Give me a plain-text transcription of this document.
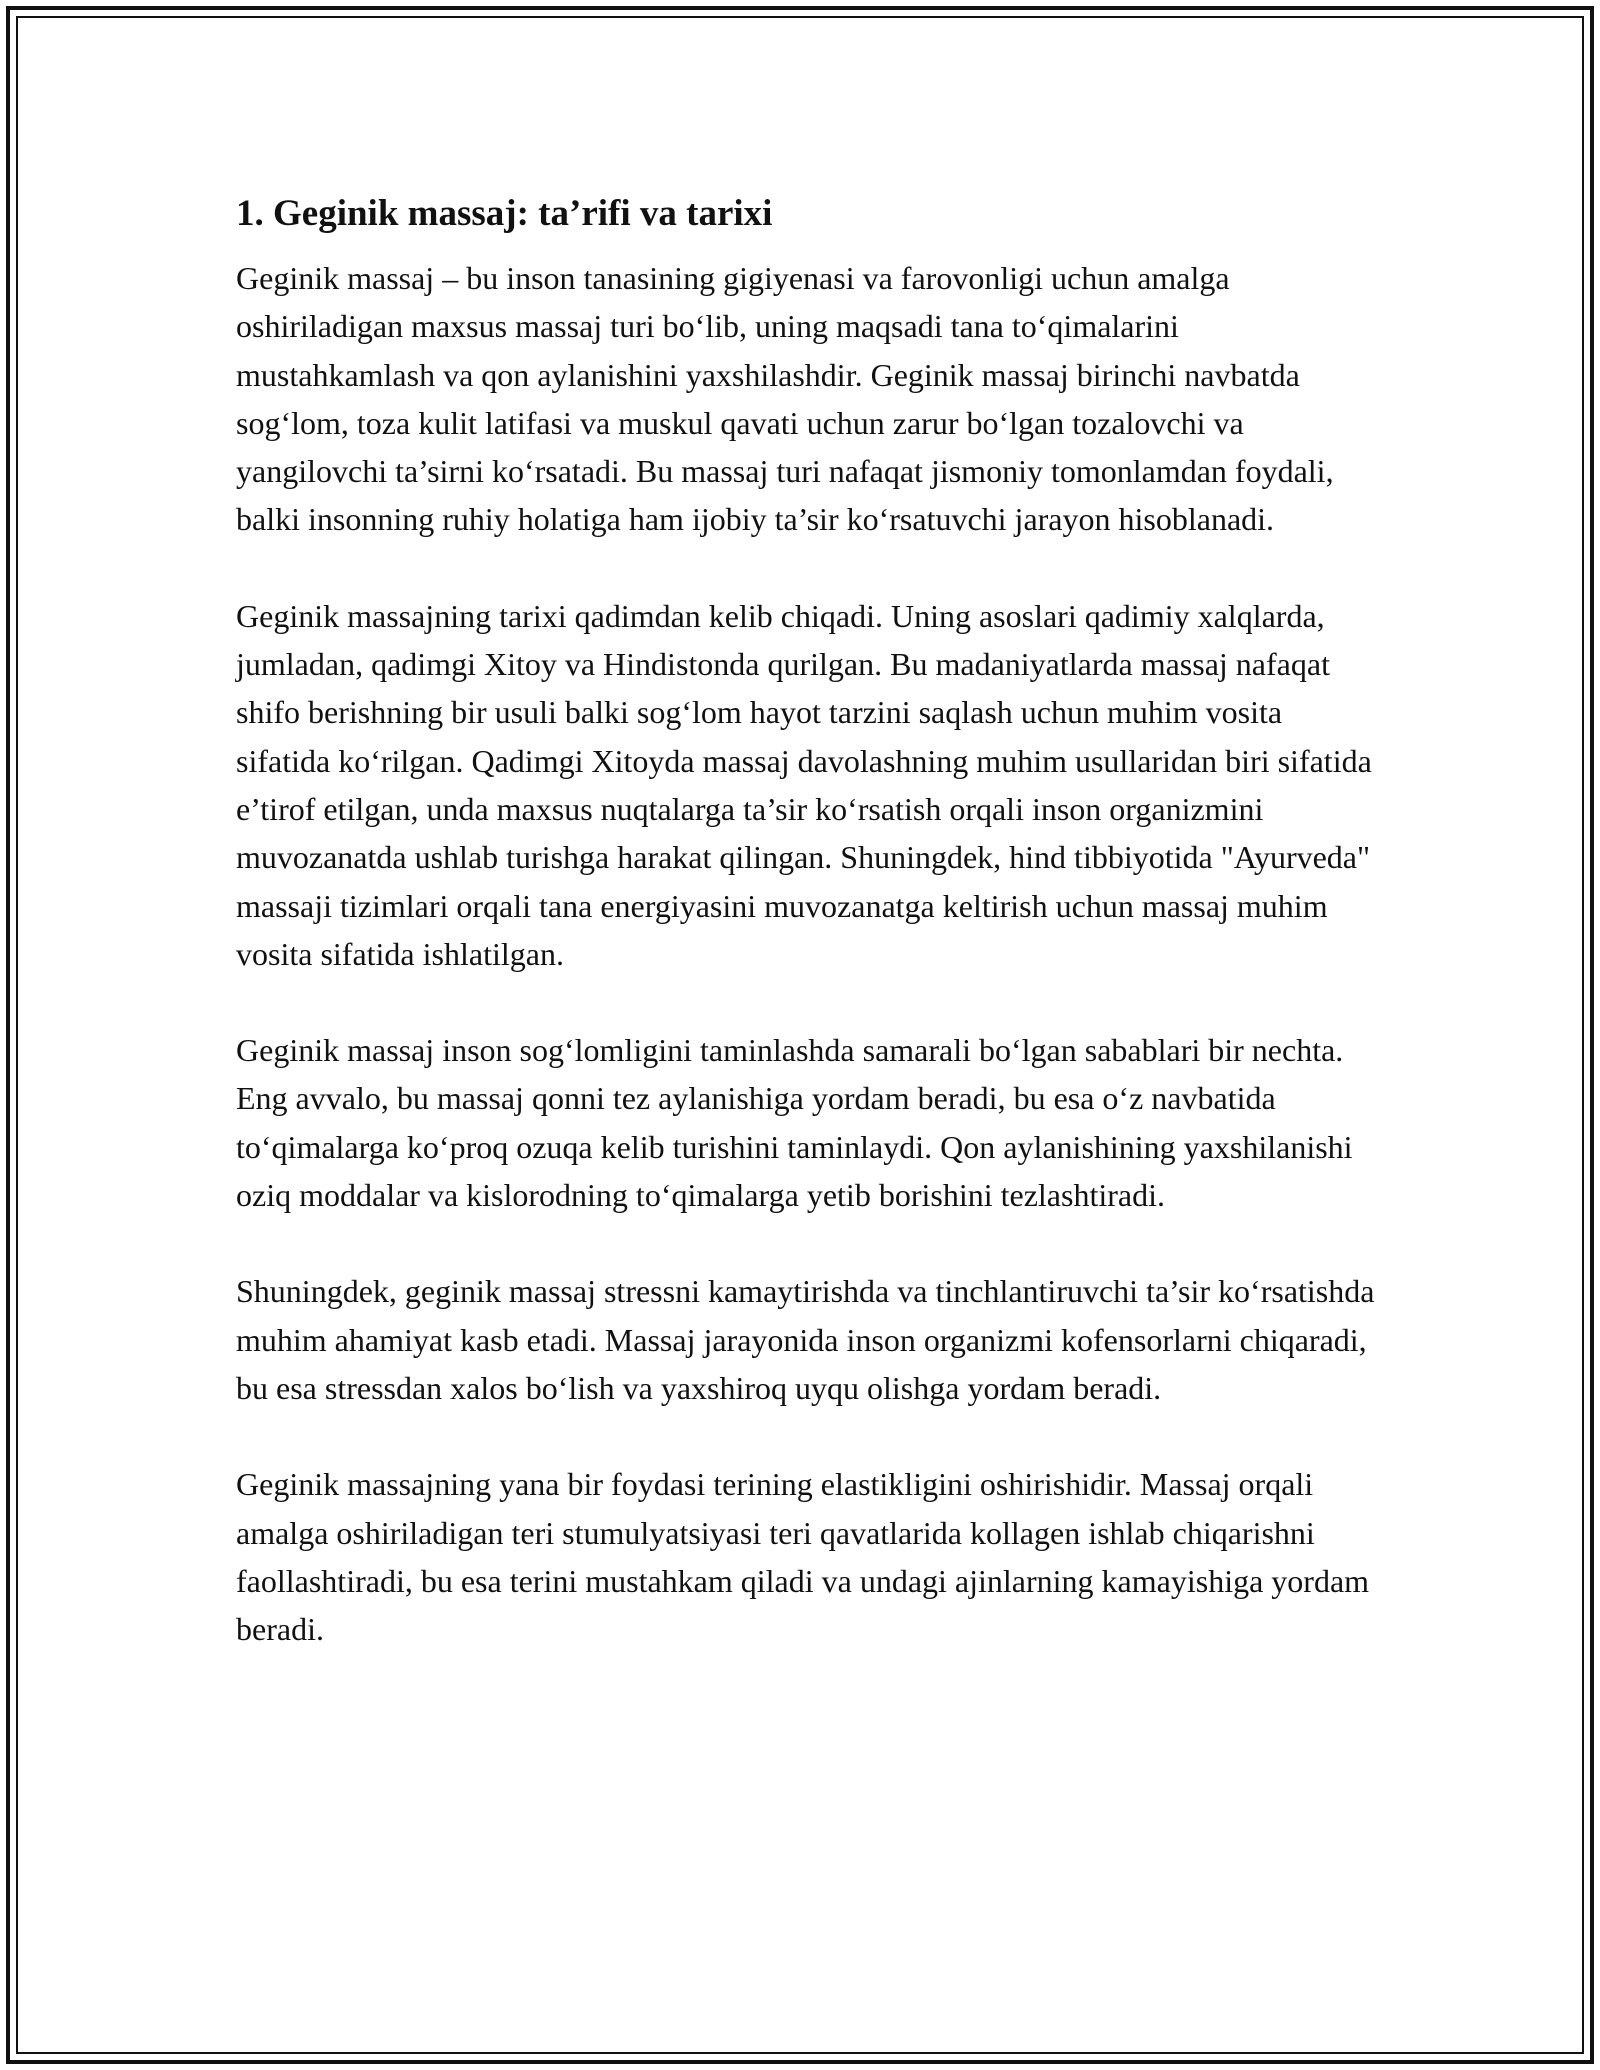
1. Geginik massaj: ta’rifi va tarixi

Geginik massaj – bu inson tanasining gigiyenasi va farovonligi uchun amalga oshiriladigan maxsus massaj turi bo‘lib, uning maqsadi tana to‘qimalarini mustahkamlash va qon aylanishini yaxshilashdir. Geginik massaj birinchi navbatda sog‘lom, toza kulit latifasi va muskul qavati uchun zarur bo‘lgan tozalovchi va yangilovchi ta’sirni ko‘rsatadi. Bu massaj turi nafaqat jismoniy tomonlamdan foydali, balki insonning ruhiy holatiga ham ijobiy ta’sir ko‘rsatuvchi jarayon hisoblanadi.

Geginik massajning tarixi qadimdan kelib chiqadi. Uning asoslari qadimiy xalqlarda, jumladan, qadimgi Xitoy va Hindistonda qurilgan. Bu madaniyatlarda massaj nafaqat shifo berishning bir usuli balki sog‘lom hayot tarzini saqlash uchun muhim vosita sifatida ko‘rilgan. Qadimgi Xitoyda massaj davolashning muhim usullaridan biri sifatida e’tirof etilgan, unda maxsus nuqtalarga ta’sir ko‘rsatish orqali inson organizmini muvozanatda ushlab turishga harakat qilingan. Shuningdek, hind tibbiyotida "Ayurveda" massaji tizimlari orqali tana energiyasini muvozanatga keltirish uchun massaj muhim vosita sifatida ishlatilgan.

Geginik massaj inson sog‘lomligini taminlashda samarali bo‘lgan sabablari bir nechta. Eng avvalo, bu massaj qonni tez aylanishiga yordam beradi, bu esa o‘z navbatida to‘qimalarga ko‘proq ozuqa kelib turishini taminlaydi. Qon aylanishining yaxshilanishi oziq moddalar va kislorodning to‘qimalarga yetib borishini tezlashtiradi.

Shuningdek, geginik massaj stressni kamaytirishda va tinchlantiruvchi ta’sir ko‘rsatishda muhim ahamiyat kasb etadi. Massaj jarayonida inson organizmi kofensorlarni chiqaradi, bu esa stressdan xalos bo‘lish va yaxshiroq uyqu olishga yordam beradi.

Geginik massajning yana bir foydasi terining elastikligini oshirishidir. Massaj orqali amalga oshiriladigan teri stumulyatsiyasi teri qavatlarida kollagen ishlab chiqarishni faollashtiradi, bu esa terini mustahkam qiladi va undagi ajinlarning kamayishiga yordam beradi.
